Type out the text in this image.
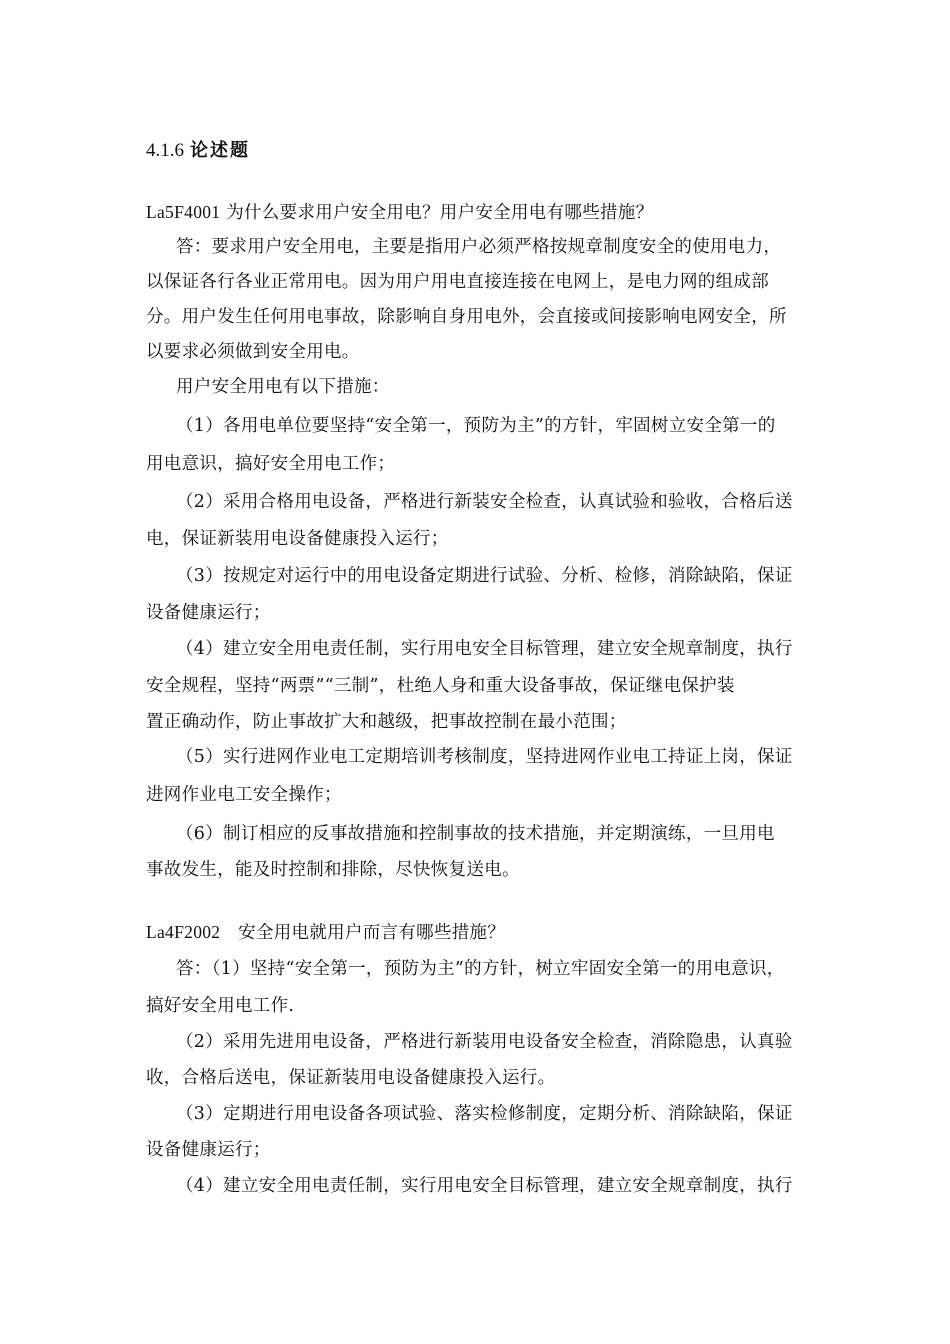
4.1.6 论述题
La5F4001 为什么要求用户安全用电？用户安全用电有哪些措施？
答：要求用户安全用电，主要是指用户必须严格按规章制度安全的使用电力，
以保证各行各业正常用电。因为用户用电直接连接在电网上，是电力网的组成部
分。用户发生任何用电事故，除影响自身用电外，会直接或间接影响电网安全，所
以要求必须做到安全用电。
用户安全用电有以下措施：
（1）各用电单位要坚持“安全第一，预防为主”的方针，牢固树立安全第一的
用电意识，搞好安全用电工作；
（2）采用合格用电设备，严格进行新装安全检查，认真试验和验收，合格后送
电，保证新装用电设备健康投入运行；
（3）按规定对运行中的用电设备定期进行试验、分析、检修，消除缺陷，保证
设备健康运行；
（4）建立安全用电责任制，实行用电安全目标管理，建立安全规章制度，执行
安全规程，坚持“两票”“三制”，杜绝人身和重大设备事故，保证继电保护装
置正确动作，防止事故扩大和越级，把事故控制在最小范围；
（5）实行进网作业电工定期培训考核制度，坚持进网作业电工持证上岗，保证
进网作业电工安全操作；
（6）制订相应的反事故措施和控制事故的技术措施，并定期演练，一旦用电
事故发生，能及时控制和排除，尽快恢复送电。
La4F2002　安全用电就用户而言有哪些措施？
答：（1）坚持“安全第一，预防为主”的方针，树立牢固安全第一的用电意识，
搞好安全用电工作.
（2）采用先进用电设备，严格进行新装用电设备安全检查，消除隐患，认真验
收，合格后送电，保证新装用电设备健康投入运行。
（3）定期进行用电设备各项试验、落实检修制度，定期分析、消除缺陷，保证
设备健康运行；
（4）建立安全用电责任制，实行用电安全目标管理，建立安全规章制度，执行
